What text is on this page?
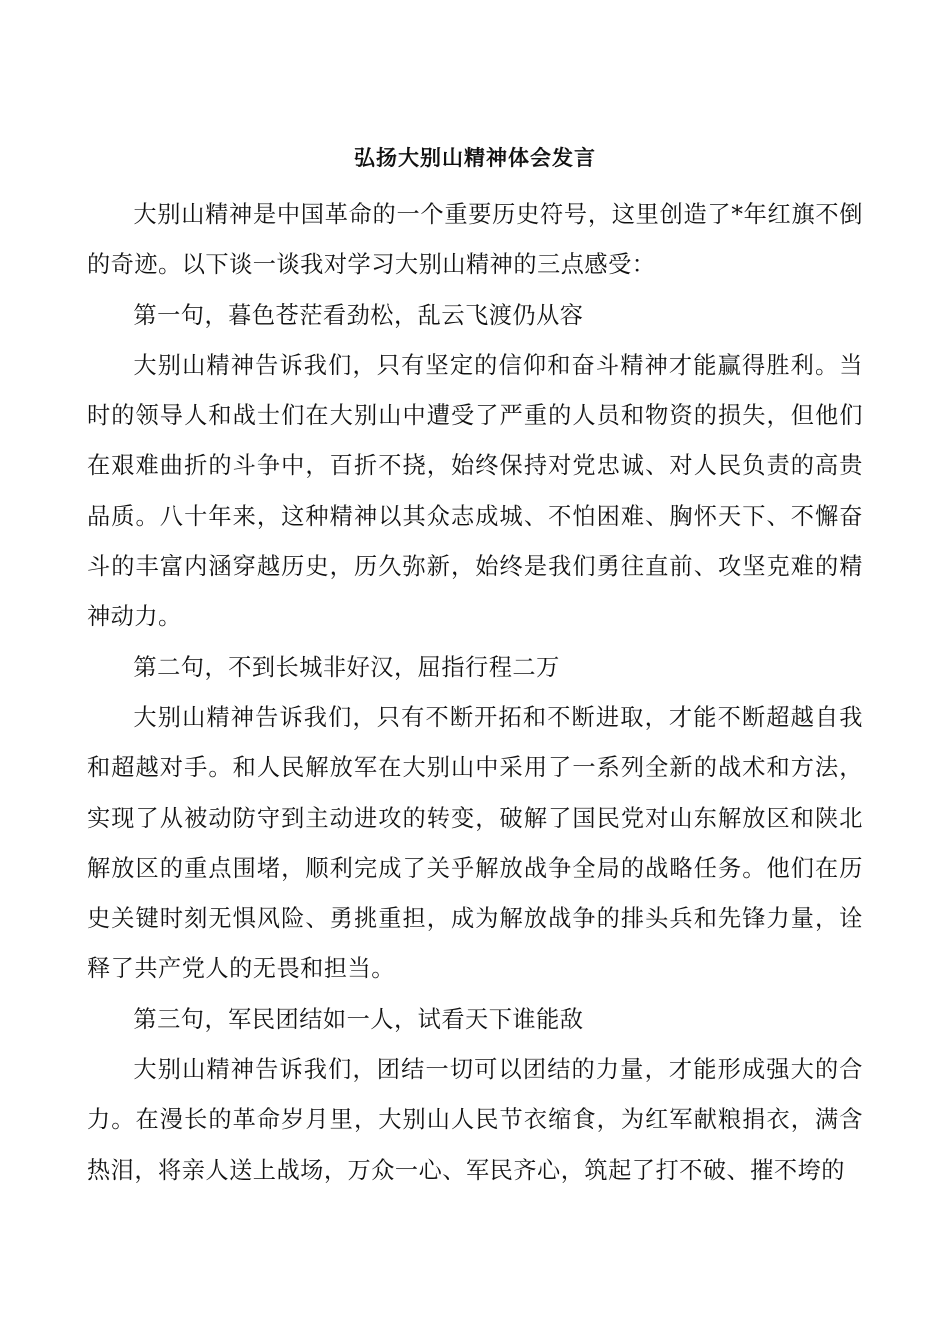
弘扬大别山精神体会发言

大别山精神是中国革命的一个重要历史符号，这里创造了*年红旗不倒的奇迹。以下谈一谈我对学习大别山精神的三点感受：

第一句，暮色苍茫看劲松，乱云飞渡仍从容

大别山精神告诉我们，只有坚定的信仰和奋斗精神才能赢得胜利。当时的领导人和战士们在大别山中遭受了严重的人员和物资的损失，但他们在艰难曲折的斗争中，百折不挠，始终保持对党忠诚、对人民负责的高贵品质。八十年来，这种精神以其众志成城、不怕困难、胸怀天下、不懈奋斗的丰富内涵穿越历史，历久弥新，始终是我们勇往直前、攻坚克难的精神动力。

第二句，不到长城非好汉，屈指行程二万

大别山精神告诉我们，只有不断开拓和不断进取，才能不断超越自我和超越对手。和人民解放军在大别山中采用了一系列全新的战术和方法，实现了从被动防守到主动进攻的转变，破解了国民党对山东解放区和陕北解放区的重点围堵，顺利完成了关乎解放战争全局的战略任务。他们在历史关键时刻无惧风险、勇挑重担，成为解放战争的排头兵和先锋力量，诠释了共产党人的无畏和担当。

第三句，军民团结如一人，试看天下谁能敌

大别山精神告诉我们，团结一切可以团结的力量，才能形成强大的合力。在漫长的革命岁月里，大别山人民节衣缩食，为红军献粮捐衣，满含热泪，将亲人送上战场，万众一心、军民齐心，筑起了打不破、摧不垮的
